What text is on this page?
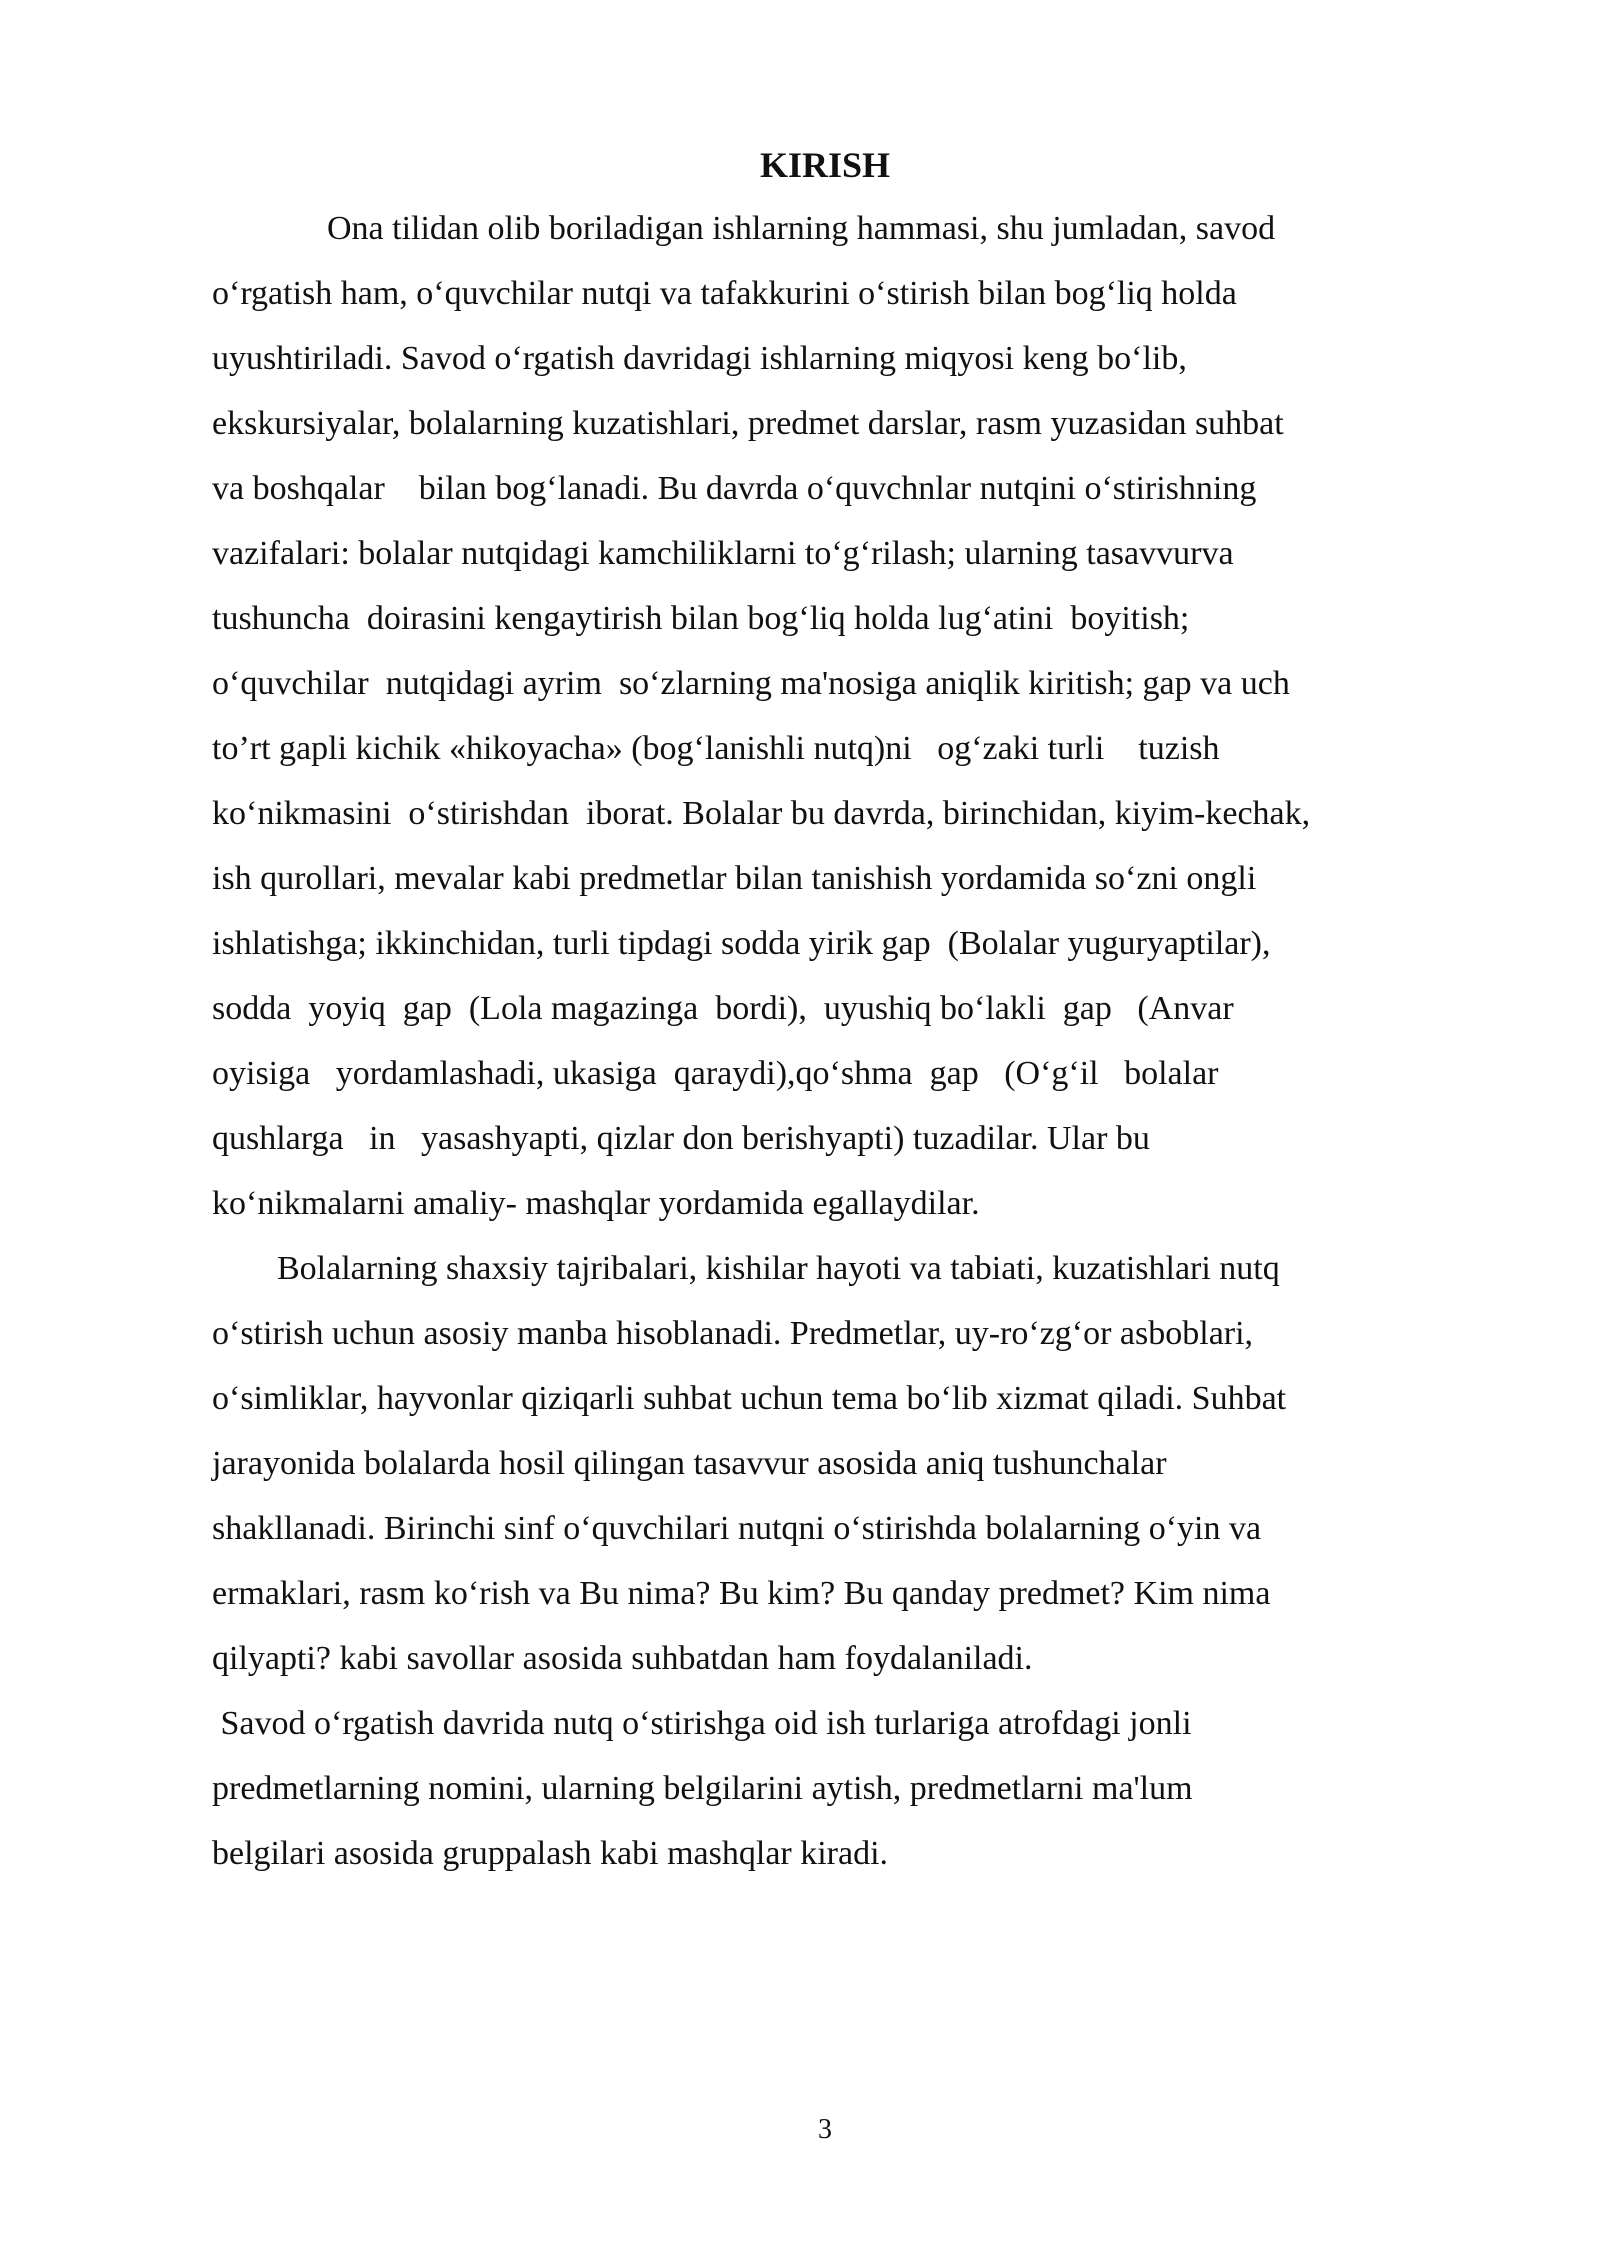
KIRISH
Ona tilidan olib boriladigan ishlarning hammasi, shu jumladan, savod
o‘rgatish ham, o‘quvchilar nutqi va tafakkurini o‘stirish bilan bog‘liq holda
uyushtiriladi. Savod o‘rgatish davridagi ishlarning miqyosi keng bo‘lib,
ekskursiyalar, bolalarning kuzatishlari, predmet darslar, rasm yuzasidan suhbat
va boshqalar    bilan bog‘lanadi. Bu davrda o‘quvchnlar nutqini o‘stirishning
vazifalari: bolalar nutqidagi kamchiliklarni to‘g‘rilash; ularning tasavvurva
tushuncha  doirasini kengaytirish bilan bog‘liq holda lug‘atini  boyitish;
o‘quvchilar  nutqidagi ayrim  so‘zlarning ma'nosiga aniqlik kiritish; gap va uch
to’rt gapli kichik «hikoyacha» (bog‘lanishli nutq)ni   og‘zaki turli    tuzish
ko‘nikmasini  o‘stirishdan  iborat. Bolalar bu davrda, birinchidan, kiyim-kechak,
ish qurollari, mevalar kabi predmetlar bilan tanishish yordamida so‘zni ongli
ishlatishga; ikkinchidan, turli tipdagi sodda yirik gap  (Bolalar yuguryaptilar),
sodda  yoyiq  gap  (Lola magazinga  bordi),  uyushiq bo‘lakli  gap   (Anvar
oyisiga   yordamlashadi, ukasiga  qaraydi),qo‘shma  gap   (O‘g‘il   bolalar
qushlarga   in   yasashyapti, qizlar don berishyapti) tuzadilar. Ular bu
ko‘nikmalarni amaliy- mashqlar yordamida egallaydilar.
Bolalarning shaxsiy tajribalari, kishilar hayoti va tabiati, kuzatishlari nutq
o‘stirish uchun asosiy manba hisoblanadi. Predmetlar, uy-ro‘zg‘or asboblari,
o‘simliklar, hayvonlar qiziqarli suhbat uchun tema bo‘lib xizmat qiladi. Suhbat
jarayonida bolalarda hosil qilingan tasavvur asosida aniq tushunchalar
shakllanadi. Birinchi sinf o‘quvchilari nutqni o‘stirishda bolalarning o‘yin va
ermaklari, rasm ko‘rish va Bu nima? Bu kim? Bu qanday predmet? Kim nima
qilyapti? kabi savollar asosida suhbatdan ham foydalaniladi.
Savod o‘rgatish davrida nutq o‘stirishga oid ish turlariga atrofdagi jonli
predmetlarning nomini, ularning belgilarini aytish, predmetlarni ma'lum
belgilari asosida gruppalash kabi mashqlar kiradi.
3
